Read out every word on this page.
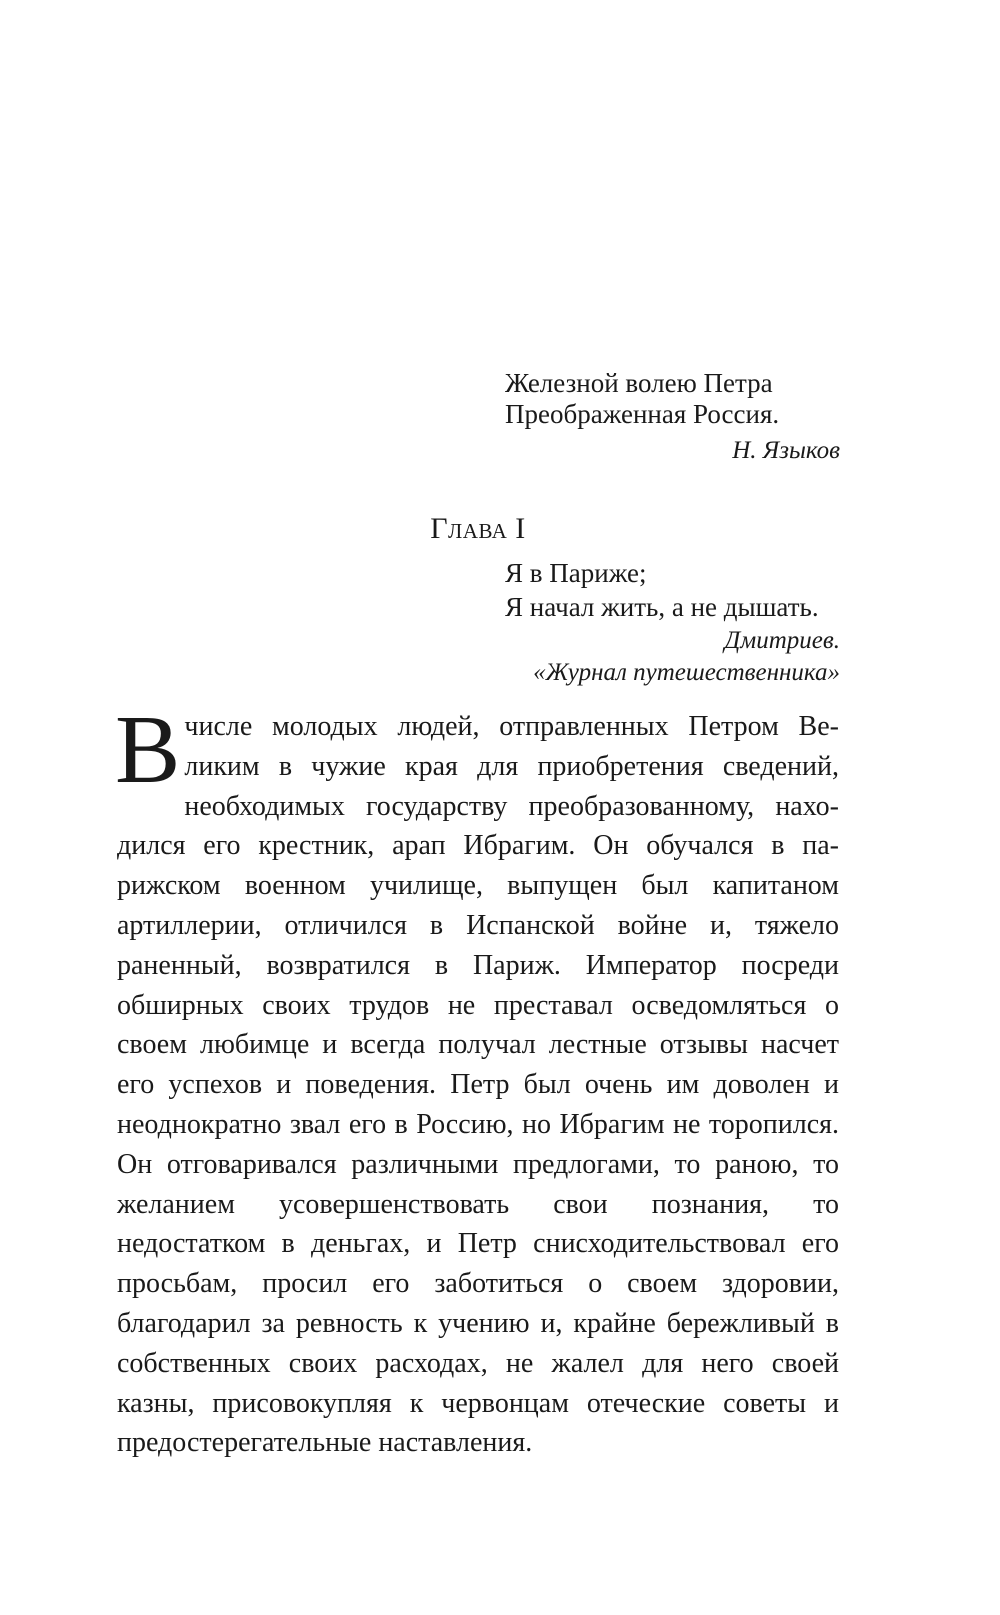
Железной волею Петра
Преображенная Россия.
Н. Языков
Глава I
Я в Париже;
Я начал жить, а не дышать.
Дмитриев.
«Журнал путешественника»
Вчисле молодых людей, отправленных Петром Великим в чужие края для приобретения сведений, необходимых государству преобразованному, находился его крестник, арап Ибрагим. Он обучался в парижском военном училище, выпущен был капитаном артиллерии, отличился в Испанской войне и, тяжело раненный, возвратился в Париж. Император посреди обширных своих трудов не преставал осведомляться о своем любимце и всегда получал лестные отзывы насчет его успехов и поведения. Петр был очень им доволен и неоднократно звал его в Россию, но Ибрагим не торопился. Он отговаривался различными предлогами, то раною, то желанием усовершенствовать свои познания, то недостатком в деньгах, и Петр снисходительствовал его просьбам, просил его заботиться о своем здоровии, благодарил за ревность к учению и, крайне бережливый в собственных своих расходах, не жалел для него своей казны, присовокупляя к червонцам отеческие советы и предостерегательные наставления.
